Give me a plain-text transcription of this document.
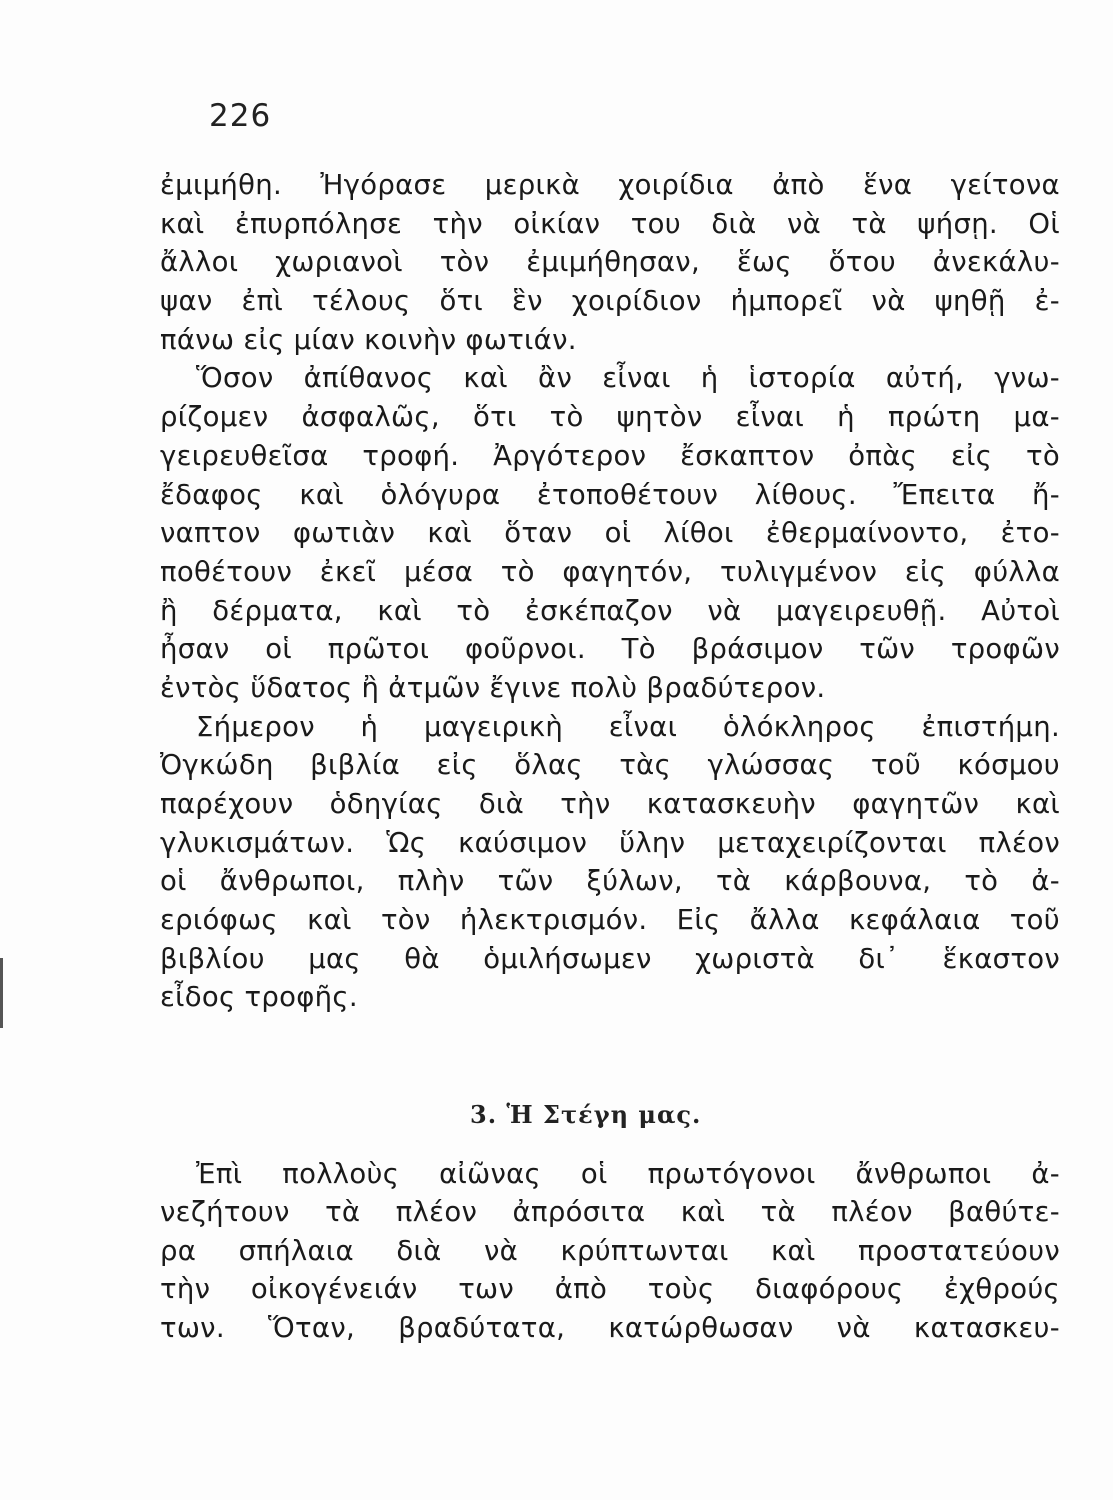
226
ἐμιμήθη. Ἠγόρασε μερικὰ χοιρίδια ἀπὸ ἕνα γείτονα
καὶ ἐπυρπόλησε τὴν οἰκίαν του διὰ νὰ τὰ ψήσῃ. Οἱ
ἄλλοι χωριανοὶ τὸν ἐμιμήθησαν, ἕως ὅτου ἀνεκάλυ-
ψαν ἐπὶ τέλους ὅτι ἓν χοιρίδιον ἠμπορεῖ νὰ ψηθῇ ἐ-
πάνω εἰς μίαν κοινὴν φωτιάν.
Ὅσον ἀπίθανος καὶ ἂν εἶναι ἡ ἱστορία αὐτή, γνω-
ρίζομεν ἀσφαλῶς, ὅτι τὸ ψητὸν εἶναι ἡ πρώτη μα-
γειρευθεῖσα τροφή. Ἀργότερον ἔσκαπτον ὀπὰς εἰς τὸ
ἔδαφος καὶ ὁλόγυρα ἐτοποθέτουν λίθους. Ἔπειτα ἤ-
ναπτον φωτιὰν καὶ ὅταν οἱ λίθοι ἐθερμαίνοντο, ἐτο-
ποθέτουν ἐκεῖ μέσα τὸ φαγητόν, τυλιγμένον εἰς φύλλα
ἢ δέρματα, καὶ τὸ ἐσκέπαζον νὰ μαγειρευθῇ. Αὐτοὶ
ἦσαν οἱ πρῶτοι φοῦρνοι. Τὸ βράσιμον τῶν τροφῶν
ἐντὸς ὕδατος ἢ ἀτμῶν ἔγινε πολὺ βραδύτερον.
Σήμερον ἡ μαγειρικὴ εἶναι ὁλόκληρος ἐπιστήμη.
Ὀγκώδη βιβλία εἰς ὅλας τὰς γλώσσας τοῦ κόσμου
παρέχουν ὁδηγίας διὰ τὴν κατασκευὴν φαγητῶν καὶ
γλυκισμάτων. Ὡς καύσιμον ὕλην μεταχειρίζονται πλέον
οἱ ἄνθρωποι, πλὴν τῶν ξύλων, τὰ κάρβουνα, τὸ ἀ-
εριόφως καὶ τὸν ἠλεκτρισμόν. Εἰς ἄλλα κεφάλαια τοῦ
βιβλίου μας θὰ ὁμιλήσωμεν χωριστὰ δι᾽ ἕκαστον
εἶδος τροφῆς.
3. Ἡ Στέγη μας.
Ἐπὶ πολλοὺς αἰῶνας οἱ πρωτόγονοι ἄνθρωποι ἀ-
νεζήτουν τὰ πλέον ἀπρόσιτα καὶ τὰ πλέον βαθύτε-
ρα σπήλαια διὰ νὰ κρύπτωνται καὶ προστατεύουν
τὴν οἰκογένειάν των ἀπὸ τοὺς διαφόρους ἐχθρούς
των. Ὅταν, βραδύτατα, κατώρθωσαν νὰ κατασκευ-
